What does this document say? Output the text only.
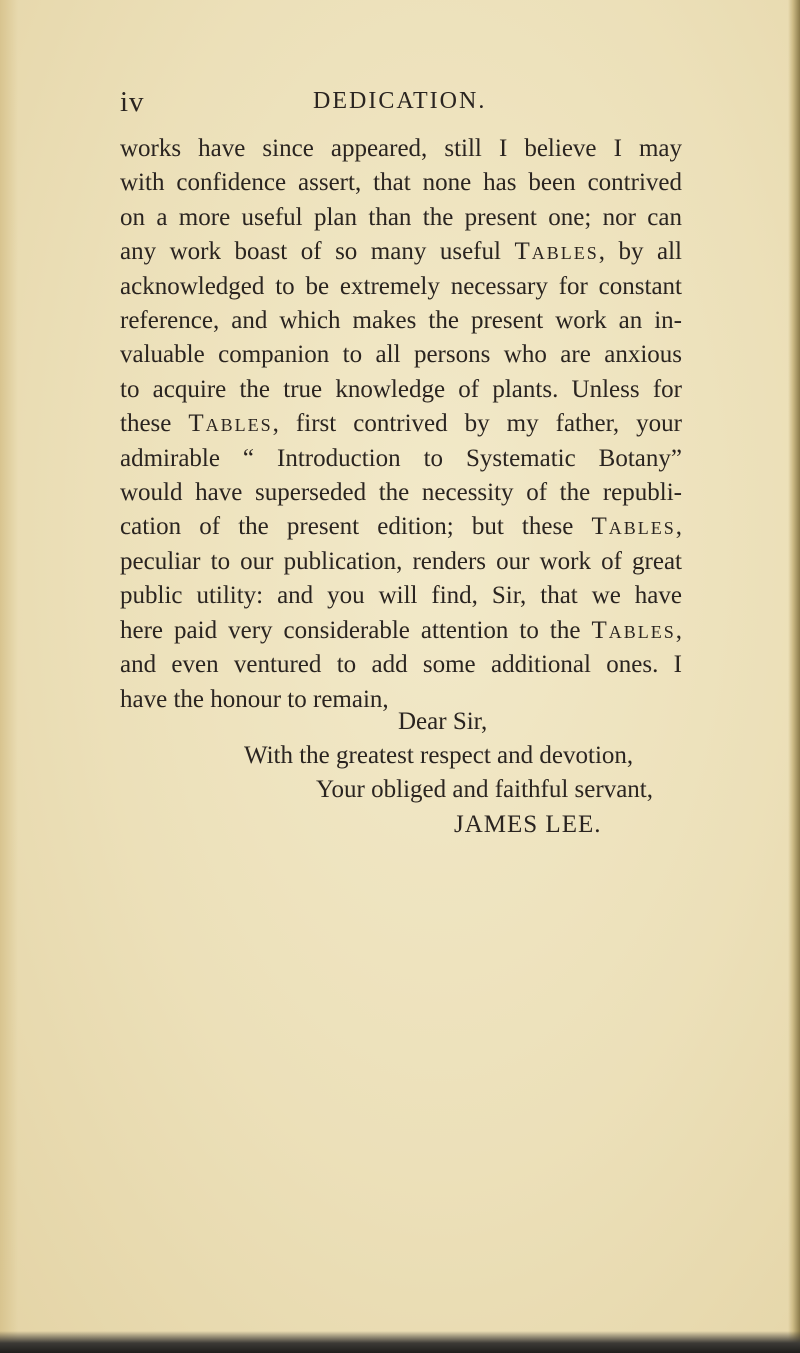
iv	DEDICATION.

works have since appeared, still I believe I may
with confidence assert, that none has been contrived
on a more useful plan than the present one; nor can
any work boast of so many useful Tables, by all
acknowledged to be extremely necessary for constant
reference, and which makes the present work an in-
valuable companion to all persons who are anxious
to acquire the true knowledge of plants. Unless for
these Tables, first contrived by my father, your
admirable “ Introduction to Systematic Botany”
would have superseded the necessity of the republi-
cation of the present edition; but these Tables,
peculiar to our publication, renders our work of great
public utility: and you will find, Sir, that we have
here paid very considerable attention to the Tables,
and even ventured to add some additional ones. I
have the honour to remain,

Dear Sir,
With the greatest respect and devotion,
Your obliged and faithful servant,
JAMES LEE.
